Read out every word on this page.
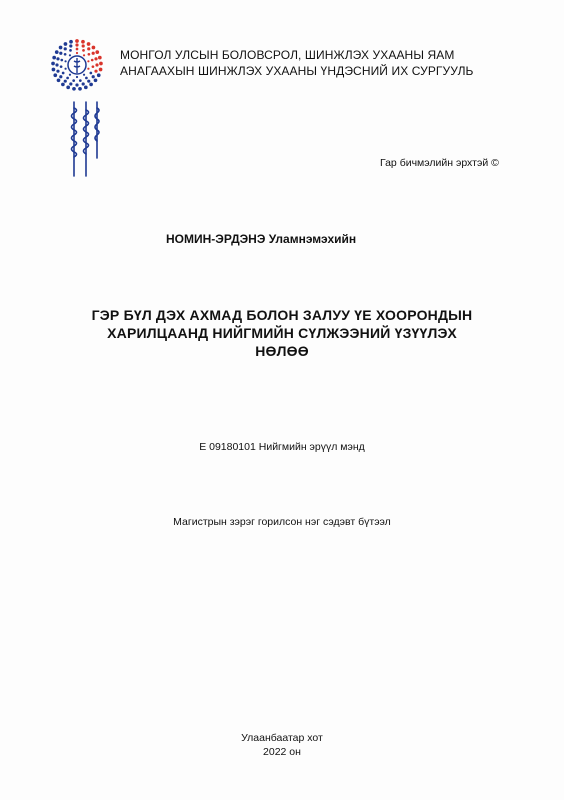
МОНГОЛ УЛСЫН БОЛОВСРОЛ, ШИНЖЛЭХ УХААНЫ ЯАМ
АНАГААХЫН ШИНЖЛЭХ УХААНЫ ҮНДЭСНИЙ ИХ СУРГУУЛЬ
Гар бичмэлийн эрхтэй ©
НОМИН-ЭРДЭНЭ Уламнэмэхийн
ГЭР БҮЛ ДЭХ АХМАД БОЛОН ЗАЛУУ ҮЕ ХООРОНДЫН
ХАРИЛЦААНД НИЙГМИЙН СҮЛЖЭЭНИЙ ҮЗҮҮЛЭХ
НӨЛӨӨ
E 09180101 Нийгмийн эрүүл мэнд
Магистрын зэрэг горилсон нэг сэдэвт бүтээл
Улаанбаатар хот
2022 он
